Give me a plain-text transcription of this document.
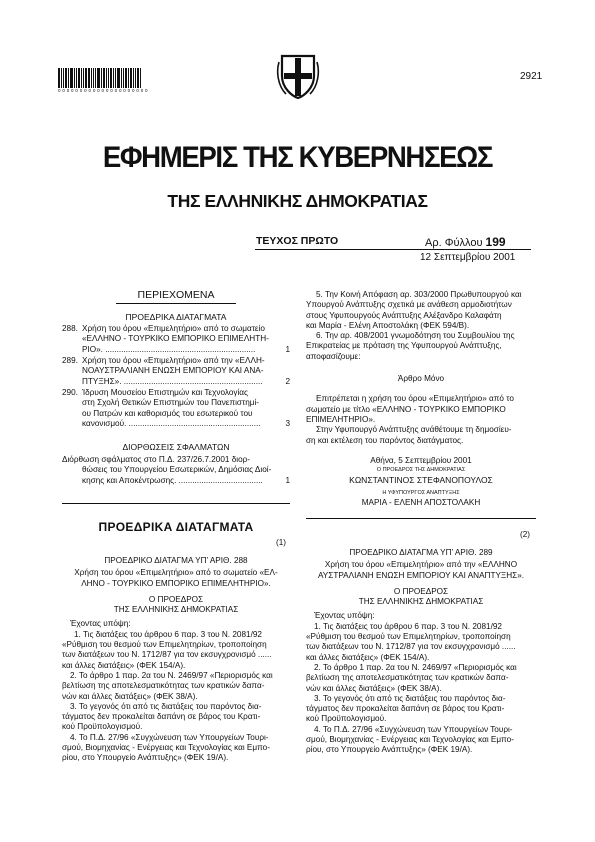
0 0 0 0 0 0 0 0 0 0 0 0 0 0 0 0 0 0 0 0 0
2921
ΕΦΗΜΕΡΙΣ ΤΗΣ ΚΥΒΕΡΝΗΣΕΩΣ
ΤΗΣ ΕΛΛΗΝΙΚΗΣ ΔΗΜΟΚΡΑΤΙΑΣ
ΤΕΥΧΟΣ ΠΡΩΤΟ	Αρ. Φύλλου 199
12 Σεπτεμβρίου 2001
ΠΕΡΙΕΧΟΜΕΝΑ
ΠΡΟΕΔΡΙΚΑ ΔΙΑΤΑΓΜΑΤΑ
288. Χρήση του όρου «Επιμελητήριο» από το σωματείο

«ΕΛΛΗΝΟ - ΤΟΥΡΚΙΚΟ ΕΜΠΟΡΙΚΟ ΕΠΙΜΕΛΗΤΗ-

ΡΙΟ». ..................................................................	1
289. Χρήση του όρου «Επιμελητήριο» από την «ΕΛΛΗ-

ΝΟΑΥΣΤΡΑΛΙΑΝΗ ΕΝΩΣΗ ΕΜΠΟΡΙΟΥ ΚΑΙ ΑΝΑ-

ΠΤΥΞΗΣ». .............................................................	2
290. Ίδρυση Μουσείου Επιστημών και Τεχνολογίας

στη Σχολή Θετικών Επιστημών του Πανεπιστημί-

ου Πατρών και καθορισμός του εσωτερικού του

κανονισμού. ..........................................................	3
ΔΙΟΡΘΩΣΕΙΣ ΣΦΑΛΜΑΤΩΝ

Διόρθωση σφάλματος στο Π.Δ. 237/26.7.2001 διορ-

θώσεις του Υπουργείου Εσωτερικών, Δημόσιας Διοί-

κησης και Αποκέντρωσης. .....................................	1

5. Την Κοινή Απόφαση αρ. 303/2000 Πρωθυπουργού και

Υπουργού Ανάπτυξης σχετικά με ανάθεση αρμοδιοτήτων

στους Υφυπουργούς Ανάπτυξης Αλέξανδρο Καλαφάτη

και Μαρία - Ελένη Αποστολάκη (ΦΕΚ 594/Β).

6. Την αρ. 408/2001 γνωμοδότηση του Συμβουλίου της

Επικρατείας με πρόταση της Υφυπουργού Ανάπτυξης,

αποφασίζουμε:

Άρθρο Μόνο

Επιτρέπεται η χρήση του όρου «Επιμελητήριο» από το

σωματείο με τίτλο «ΕΛΛΗΝΟ - ΤΟΥΡΚΙΚΟ ΕΜΠΟΡΙΚΟ

ΕΠΙΜΕΛΗΤΗΡΙΟ».

Στην Υφυπουργό Ανάπτυξης ανάθέτουμε τη δημοσίευ-

ση και εκτέλεση του παρόντος διατάγματος.

Αθήνα, 5 Σεπτεμβρίου 2001

Ο ΠΡΟΕΔΡΟΣ ΤΗΣ ΔΗΜΟΚΡΑΤΙΑΣ

ΚΩΝΣΤΑΝΤΙΝΟΣ ΣΤΕΦΑΝΟΠΟΥΛΟΣ

Η ΥΦΥΠΟΥΡΓΟΣ ΑΝΑΠΤΥΞΗΣ

ΜΑΡΙΑ - ΕΛΕΝΗ ΑΠΟΣΤΟΛΑΚΗ

ΠΡΟΕΔΡΙΚΑ ΔΙΑΤΑΓΜΑΤΑ
(1)

ΠΡΟΕΔΡΙΚΟ ΔΙΑΤΑΓΜΑ ΥΠ’ ΑΡΙΘ. 288

Χρήση του όρου «Επιμελητήριο» από το σωματείο «ΕΛ-

ΛΗΝΟ - ΤΟΥΡΚΙΚΟ ΕΜΠΟΡΙΚΟ ΕΠΙΜΕΛΗΤΗΡΙΟ».

Ο ΠΡΟΕΔΡΟΣ

ΤΗΣ ΕΛΛΗΝΙΚΗΣ ΔΗΜΟΚΡΑΤΙΑΣ

Έχοντας υπόψη:

1. Τις διατάξεις του άρθρου 6 παρ. 3 του Ν. 2081/92

«Ρύθμιση του θεσμού των Επιμελητηρίων, τροποποίηση

των διατάξεων του Ν. 1712/87 για τον εκσυγχρονισμό ......

και άλλες διατάξεις» (ΦΕΚ 154/Α).

2. Το άρθρο 1 παρ. 2α του Ν. 2469/97 «Περιορισμός και

βελτίωση της αποτελεσματικότητας των κρατικών δαπα-

νών και άλλες διατάξεις» (ΦΕΚ 38/Α).

3. Το γεγονός ότι από τις διατάξεις του παρόντος δια-

τάγματος δεν προκαλείται δαπάνη σε βάρος του Κρατι-

κού Προϋπολογισμού.

4. Το Π.Δ. 27/96 «Συγχώνευση των Υπουργείων Τουρι-

σμού, Βιομηχανίας - Ενέργειας και Τεχνολογίας και Εμπο-

ρίου, στο Υπουργείο Ανάπτυξης» (ΦΕΚ 19/Α).

(2)

ΠΡΟΕΔΡΙΚΟ ΔΙΑΤΑΓΜΑ ΥΠ’ ΑΡΙΘ. 289

Χρήση του όρου «Επιμελητήριο» από την «ΕΛΛΗΝΟ

ΑΥΣΤΡΑΛΙΑΝΗ ΕΝΩΣΗ ΕΜΠΟΡΙΟΥ ΚΑΙ ΑΝΑΠΤΥΞΗΣ».

Ο ΠΡΟΕΔΡΟΣ

ΤΗΣ ΕΛΛΗΝΙΚΗΣ ΔΗΜΟΚΡΑΤΙΑΣ

Έχοντας υπόψη:

1. Τις διατάξεις του άρθρου 6 παρ. 3 του Ν. 2081/92

«Ρύθμιση του θεσμού των Επιμελητηρίων, τροποποίηση

των διατάξεων του Ν. 1712/87 για τον εκσυγχρονισμό ......

και άλλες διατάξεις» (ΦΕΚ 154/Α).

2. Το άρθρο 1 παρ. 2α του Ν. 2469/97 «Περιορισμός και

βελτίωση της αποτελεσματικότητας των κρατικών δαπα-

νών και άλλες διατάξεις» (ΦΕΚ 38/Α).

3. Το γεγονός ότι από τις διατάξεις του παρόντος δια-

τάγματος δεν προκαλείται δαπάνη σε βάρος του Κρατι-

κού Προϋπολογισμού.

4. Το Π.Δ. 27/96 «Συγχώνευση των Υπουργείων Τουρι-

σμού, Βιομηχανίας - Ενέργειας και Τεχνολογίας και Εμπο-

ρίου, στο Υπουργείο Ανάπτυξης» (ΦΕΚ 19/Α).
